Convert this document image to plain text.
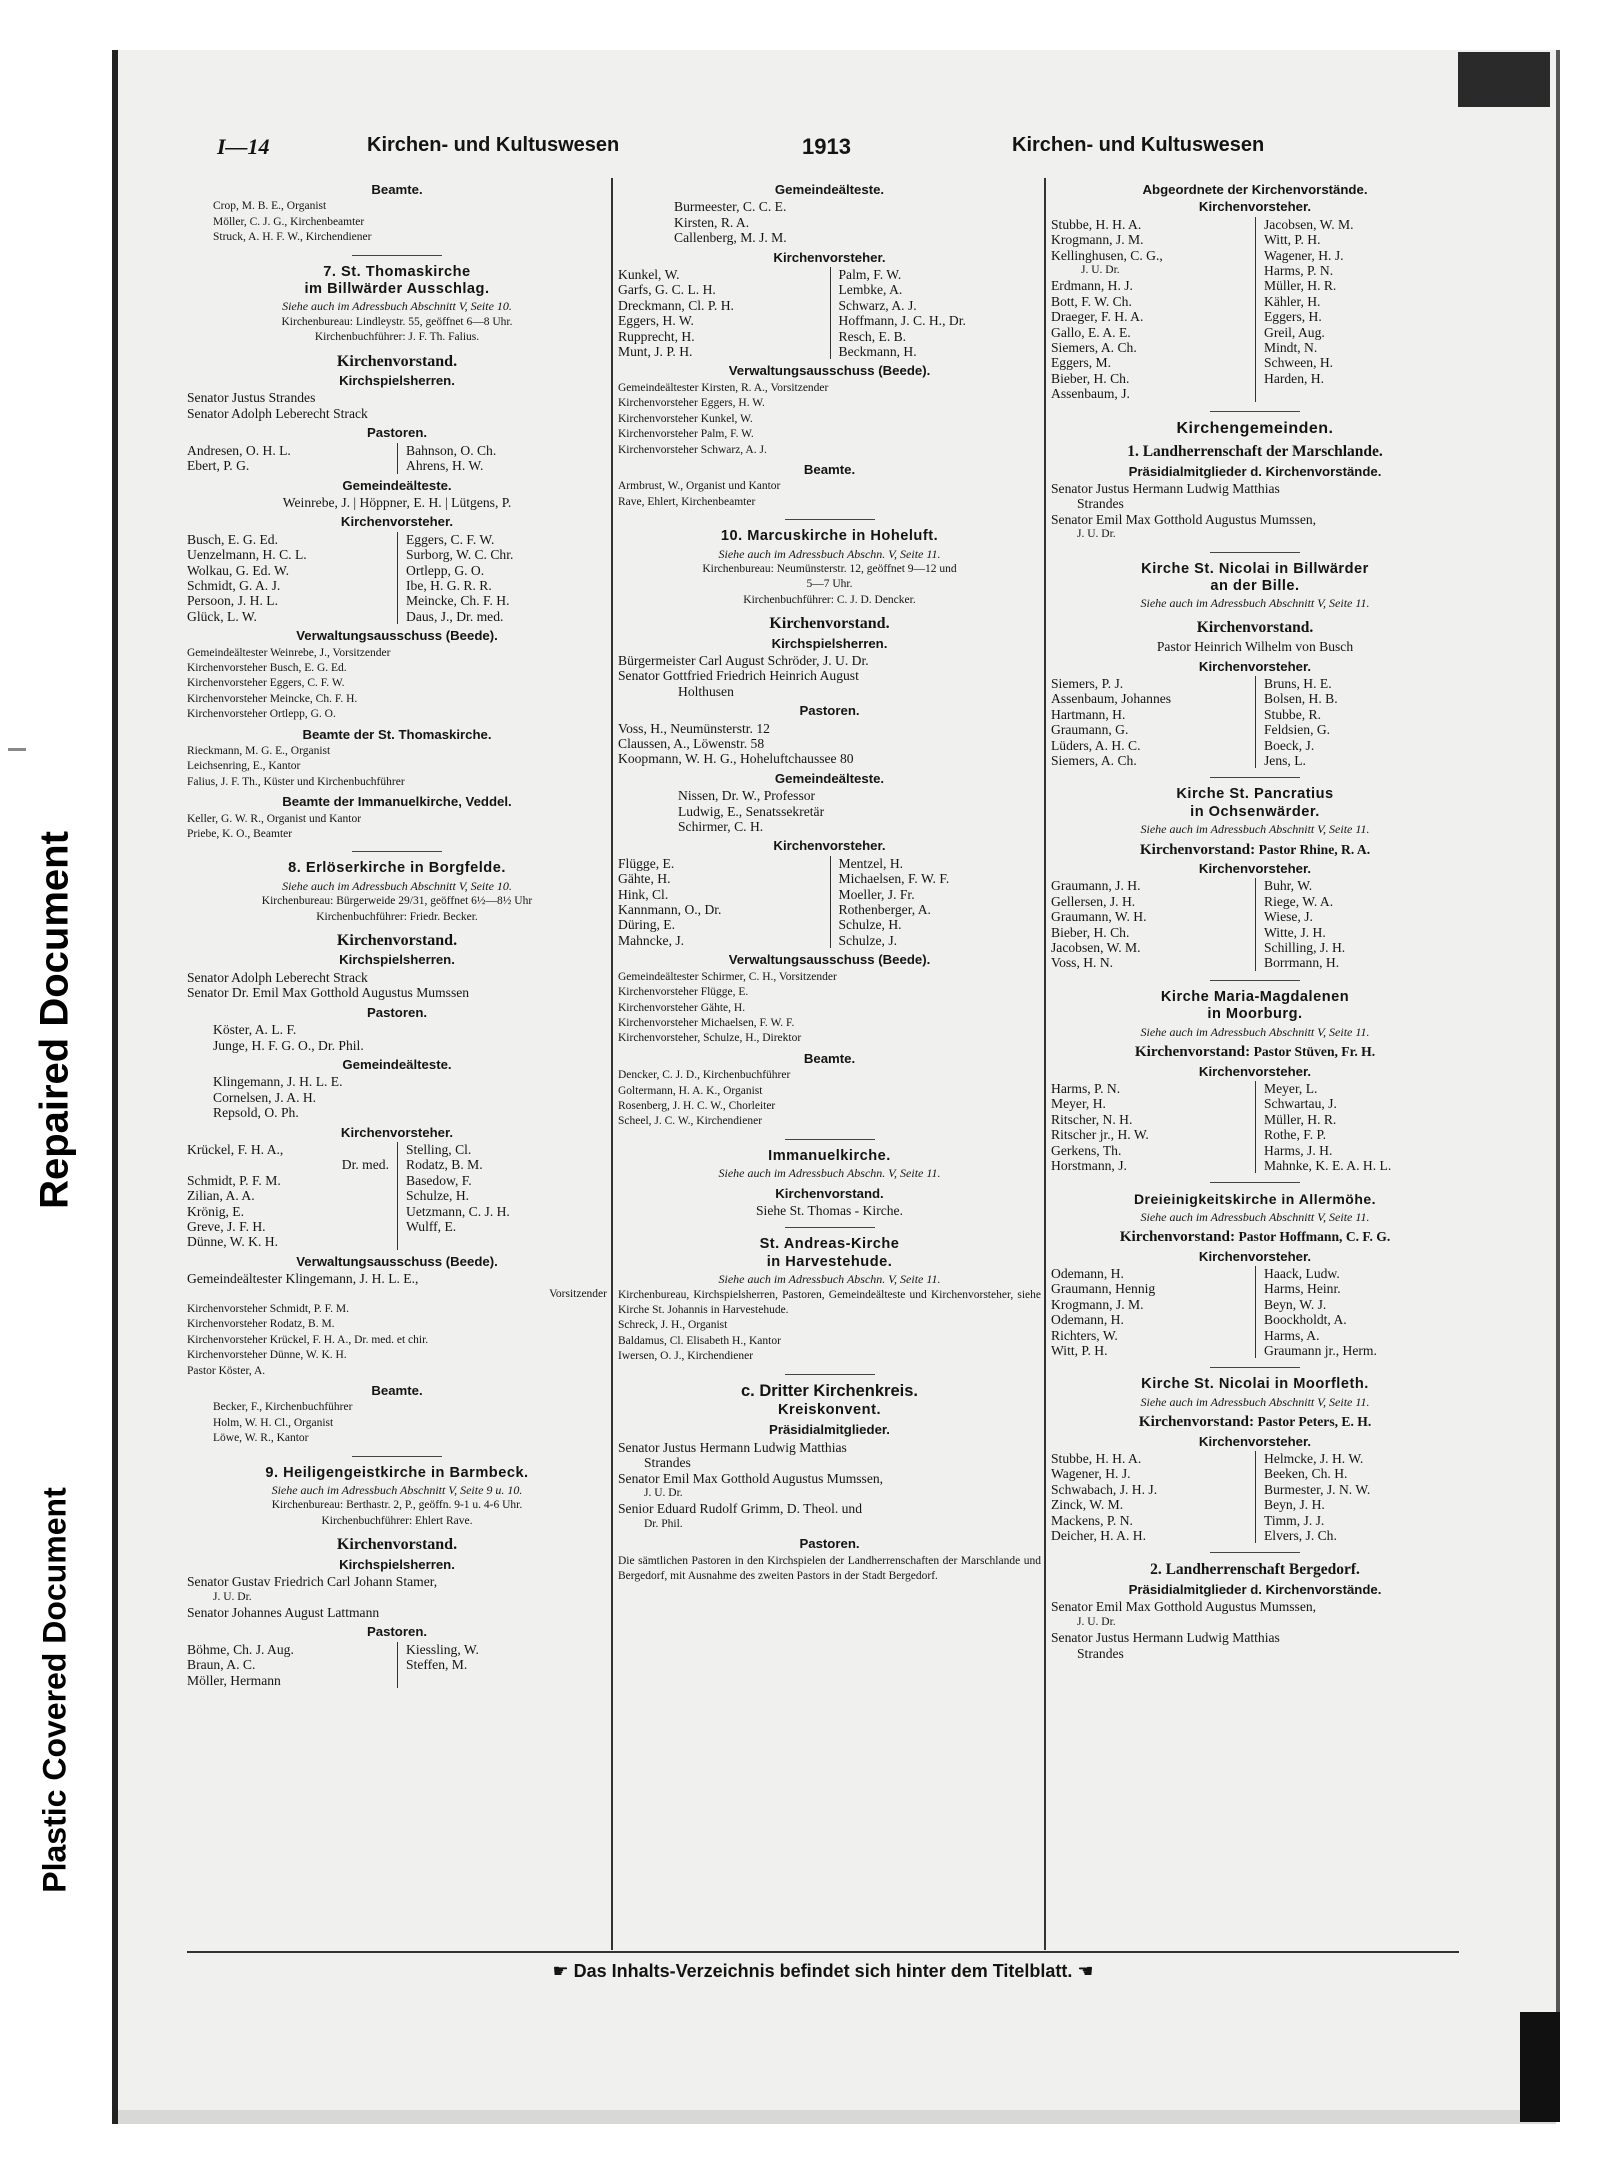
Repaired Document
Plastic Covered Document
I—14	Kirchen- und Kultuswesen	1913	Kirchen- und Kultuswesen
Beamte.
Crop, M. B. E., Organist
Möller, C. J. G., Kirchenbeamter
Struck, A. H. F. W., Kirchendiener
7. St. Thomaskirche
im Billwärder Ausschlag.
Siehe auch im Adressbuch Abschnitt V, Seite 10.
Kirchenbureau: Lindleystr. 55, geöffnet 6—8 Uhr.
Kirchenbuchführer: J. F. Th. Falius.
Kirchenvorstand.
Kirchspielsherren.
Senator Justus Strandes
Senator Adolph Leberecht Strack
Pastoren.
Andresen, O. H. L.	Bahnson, O. Ch.
Ebert, P. G.	Ahrens, H. W.
Gemeindeälteste.
Weinrebe, J. | Höppner, E. H. | Lütgens, P.
Kirchenvorsteher.
Busch, E. G. Ed.	Eggers, C. F. W.
Uenzelmann, H. C. L.	Surborg, W. C. Chr.
Wolkau, G. Ed. W.	Ortlepp, G. O.
Schmidt, G. A. J.	Ibe, H. G. R. R.
Persoon, J. H. L.	Meincke, Ch. F. H.
Glück, L. W.	Daus, J., Dr. med.
Verwaltungsausschuss (Beede).
Gemeindeältester Weinrebe, J., Vorsitzender
Kirchenvorsteher Busch, E. G. Ed.
Kirchenvorsteher Eggers, C. F. W.
Kirchenvorsteher Meincke, Ch. F. H.
Kirchenvorsteher Ortlepp, G. O.
Beamte der St. Thomaskirche.
Rieckmann, M. G. E., Organist
Leichsenring, E., Kantor
Falius, J. F. Th., Küster und Kirchenbuchführer
Beamte der Immanuelkirche, Veddel.
Keller, G. W. R., Organist und Kantor
Priebe, K. O., Beamter
8. Erlöserkirche in Borgfelde.
Siehe auch im Adressbuch Abschnitt V, Seite 10.
Kirchenbureau: Bürgerweide 29/31, geöffnet 6½—8½ Uhr
Kirchenbuchführer: Friedr. Becker.
Kirchenvorstand.
Kirchspielsherren.
Senator Adolph Leberecht Strack
Senator Dr. Emil Max Gotthold Augustus Mumssen
Pastoren.
Köster, A. L. F.
Junge, H. F. G. O., Dr. Phil.
Gemeindeälteste.
Klingemann, J. H. L. E.
Cornelsen, J. A. H.
Repsold, O. Ph.
Kirchenvorsteher.
Krückel, F. H. A.,	Stelling, Cl.
Dr. med.	Rodatz, B. M.
Schmidt, P. F. M.	Basedow, F.
Zilian, A. A.	Schulze, H.
Krönig, E.	Uetzmann, C. J. H.
Greve, J. F. H.	Wulff, E.
Dünne, W. K. H.
Verwaltungsausschuss (Beede).
Gemeindeältester Klingemann, J. H. L. E.,
Vorsitzender
Kirchenvorsteher Schmidt, P. F. M.
Kirchenvorsteher Rodatz, B. M.
Kirchenvorsteher Krückel, F. H. A., Dr. med. et chir.
Kirchenvorsteher Dünne, W. K. H.
Pastor Köster, A.
Beamte.
Becker, F., Kirchenbuchführer
Holm, W. H. Cl., Organist
Löwe, W. R., Kantor
9. Heiligengeistkirche in Barmbeck.
Siehe auch im Adressbuch Abschnitt V, Seite 9 u. 10.
Kirchenbureau: Berthastr. 2, P., geöffn. 9-1 u. 4-6 Uhr.
Kirchenbuchführer: Ehlert Rave.
Kirchenvorstand.
Kirchspielsherren.
Senator Gustav Friedrich Carl Johann Stamer,
J. U. Dr.
Senator Johannes August Lattmann
Pastoren.
Böhme, Ch. J. Aug.	Kiessling, W.
Braun, A. C.	Steffen, M.
Möller, Hermann
Gemeindeälteste.
Burmeester, C. C. E.
Kirsten, R. A.
Callenberg, M. J. M.
Kirchenvorsteher.
Kunkel, W.	Palm, F. W.
Garfs, G. C. L. H.	Lembke, A.
Dreckmann, Cl. P. H.	Schwarz, A. J.
Eggers, H. W.	Hoffmann, J. C. H., Dr.
Rupprecht, H.	Resch, E. B.
Munt, J. P. H.	Beckmann, H.
Verwaltungsausschuss (Beede).
Gemeindeältester Kirsten, R. A., Vorsitzender
Kirchenvorsteher Eggers, H. W.
Kirchenvorsteher Kunkel, W.
Kirchenvorsteher Palm, F. W.
Kirchenvorsteher Schwarz, A. J.
Beamte.
Armbrust, W., Organist und Kantor
Rave, Ehlert, Kirchenbeamter
10. Marcuskirche in Hoheluft.
Siehe auch im Adressbuch Abschn. V, Seite 11.
Kirchenbureau: Neumünsterstr. 12, geöffnet 9—12 und
5—7 Uhr.
Kirchenbuchführer: C. J. D. Dencker.
Kirchenvorstand.
Kirchspielsherren.
Bürgermeister Carl August Schröder, J. U. Dr.
Senator Gottfried Friedrich Heinrich August
Holthusen
Pastoren.
Voss, H., Neumünsterstr. 12
Claussen, A., Löwenstr. 58
Koopmann, W. H. G., Hoheluftchaussee 80
Gemeindeälteste.
Nissen, Dr. W., Professor
Ludwig, E., Senatssekretär
Schirmer, C. H.
Kirchenvorsteher.
Flügge, E.	Mentzel, H.
Gähte, H.	Michaelsen, F. W. F.
Hink, Cl.	Moeller, J. Fr.
Kannmann, O., Dr.	Rothenberger, A.
Düring, E.	Schulze, H.
Mahncke, J.	Schulze, J.
Verwaltungsausschuss (Beede).
Gemeindeältester Schirmer, C. H., Vorsitzender
Kirchenvorsteher Flügge, E.
Kirchenvorsteher Gähte, H.
Kirchenvorsteher Michaelsen, F. W. F.
Kirchenvorsteher, Schulze, H., Direktor
Beamte.
Dencker, C. J. D., Kirchenbuchführer
Goltermann, H. A. K., Organist
Rosenberg, J. H. C. W., Chorleiter
Scheel, J. C. W., Kirchendiener
Immanuelkirche.
Siehe auch im Adressbuch Abschn. V, Seite 11.
Kirchenvorstand.
Siehe St. Thomas - Kirche.
St. Andreas-Kirche
in Harvestehude.
Siehe auch im Adressbuch Abschn. V, Seite 11.
Kirchenbureau, Kirchspielsherren, Pastoren, Gemeindeälteste und Kirchenvorsteher, siehe Kirche St. Johannis in Harvestehude.
Schreck, J. H., Organist
Baldamus, Cl. Elisabeth H., Kantor
Iwersen, O. J., Kirchendiener
c. Dritter Kirchenkreis.
Kreiskonvent.
Präsidialmitglieder.
Senator Justus Hermann Ludwig Matthias
Strandes
Senator Emil Max Gotthold Augustus Mumssen,
J. U. Dr.
Senior Eduard Rudolf Grimm, D. Theol. und
Dr. Phil.
Pastoren.
Die sämtlichen Pastoren in den Kirchspielen der Landherrenschaften der Marschlande und Bergedorf, mit Ausnahme des zweiten Pastors in der Stadt Bergedorf.
Abgeordnete der Kirchenvorstände.
Kirchenvorsteher.
Stubbe, H. H. A.	Jacobsen, W. M.
Krogmann, J. M.	Witt, P. H.
Kellinghusen, C. G.,	Wagener, H. J.
J. U. Dr.	Harms, P. N.
Erdmann, H. J.	Müller, H. R.
Bott, F. W. Ch.	Kähler, H.
Draeger, F. H. A.	Eggers, H.
Gallo, E. A. E.	Greil, Aug.
Siemers, A. Ch.	Mindt, N.
Eggers, M.	Schween, H.
Bieber, H. Ch.	Harden, H.
Assenbaum, J.
Kirchengemeinden.
1. Landherrenschaft der Marschlande.
Präsidialmitglieder d. Kirchenvorstände.
Senator Justus Hermann Ludwig Matthias
Strandes
Senator Emil Max Gotthold Augustus Mumssen,
J. U. Dr.
Kirche St. Nicolai in Billwärder
an der Bille.
Siehe auch im Adressbuch Abschnitt V, Seite 11.
Kirchenvorstand.
Pastor Heinrich Wilhelm von Busch
Kirchenvorsteher.
Siemers, P. J.	Bruns, H. E.
Assenbaum, Johannes	Bolsen, H. B.
Hartmann, H.	Stubbe, R.
Graumann, G.	Feldsien, G.
Lüders, A. H. C.	Boeck, J.
Siemers, A. Ch.	Jens, L.
Kirche St. Pancratius
in Ochsenwärder.
Siehe auch im Adressbuch Abschnitt V, Seite 11.
Kirchenvorstand: Pastor Rhine, R. A.
Kirchenvorsteher.
Graumann, J. H.	Buhr, W.
Gellersen, J. H.	Riege, W. A.
Graumann, W. H.	Wiese, J.
Bieber, H. Ch.	Witte, J. H.
Jacobsen, W. M.	Schilling, J. H.
Voss, H. N.	Borrmann, H.
Kirche Maria-Magdalenen
in Moorburg.
Siehe auch im Adressbuch Abschnitt V, Seite 11.
Kirchenvorstand: Pastor Stüven, Fr. H.
Kirchenvorsteher.
Harms, P. N.	Meyer, L.
Meyer, H.	Schwartau, J.
Ritscher, N. H.	Müller, H. R.
Ritscher jr., H. W.	Rothe, F. P.
Gerkens, Th.	Harms, J. H.
Horstmann, J.	Mahnke, K. E. A. H. L.
Dreieinigkeitskirche in Allermöhe.
Siehe auch im Adressbuch Abschnitt V, Seite 11.
Kirchenvorstand: Pastor Hoffmann, C. F. G.
Kirchenvorsteher.
Odemann, H.	Haack, Ludw.
Graumann, Hennig	Harms, Heinr.
Krogmann, J. M.	Beyn, W. J.
Odemann, H.	Boockholdt, A.
Richters, W.	Harms, A.
Witt, P. H.	Graumann jr., Herm.
Kirche St. Nicolai in Moorfleth.
Siehe auch im Adressbuch Abschnitt V, Seite 11.
Kirchenvorstand: Pastor Peters, E. H.
Kirchenvorsteher.
Stubbe, H. H. A.	Helmcke, J. H. W.
Wagener, H. J.	Beeken, Ch. H.
Schwabach, J. H. J.	Burmester, J. N. W.
Zinck, W. M.	Beyn, J. H.
Mackens, P. N.	Timm, J. J.
Deicher, H. A. H.	Elvers, J. Ch.
2. Landherrenschaft Bergedorf.
Präsidialmitglieder d. Kirchenvorstände.
Senator Emil Max Gotthold Augustus Mumssen,
J. U. Dr.
Senator Justus Hermann Ludwig Matthias
Strandes
☛ Das Inhalts-Verzeichnis befindet sich hinter dem Titelblatt. ☚
